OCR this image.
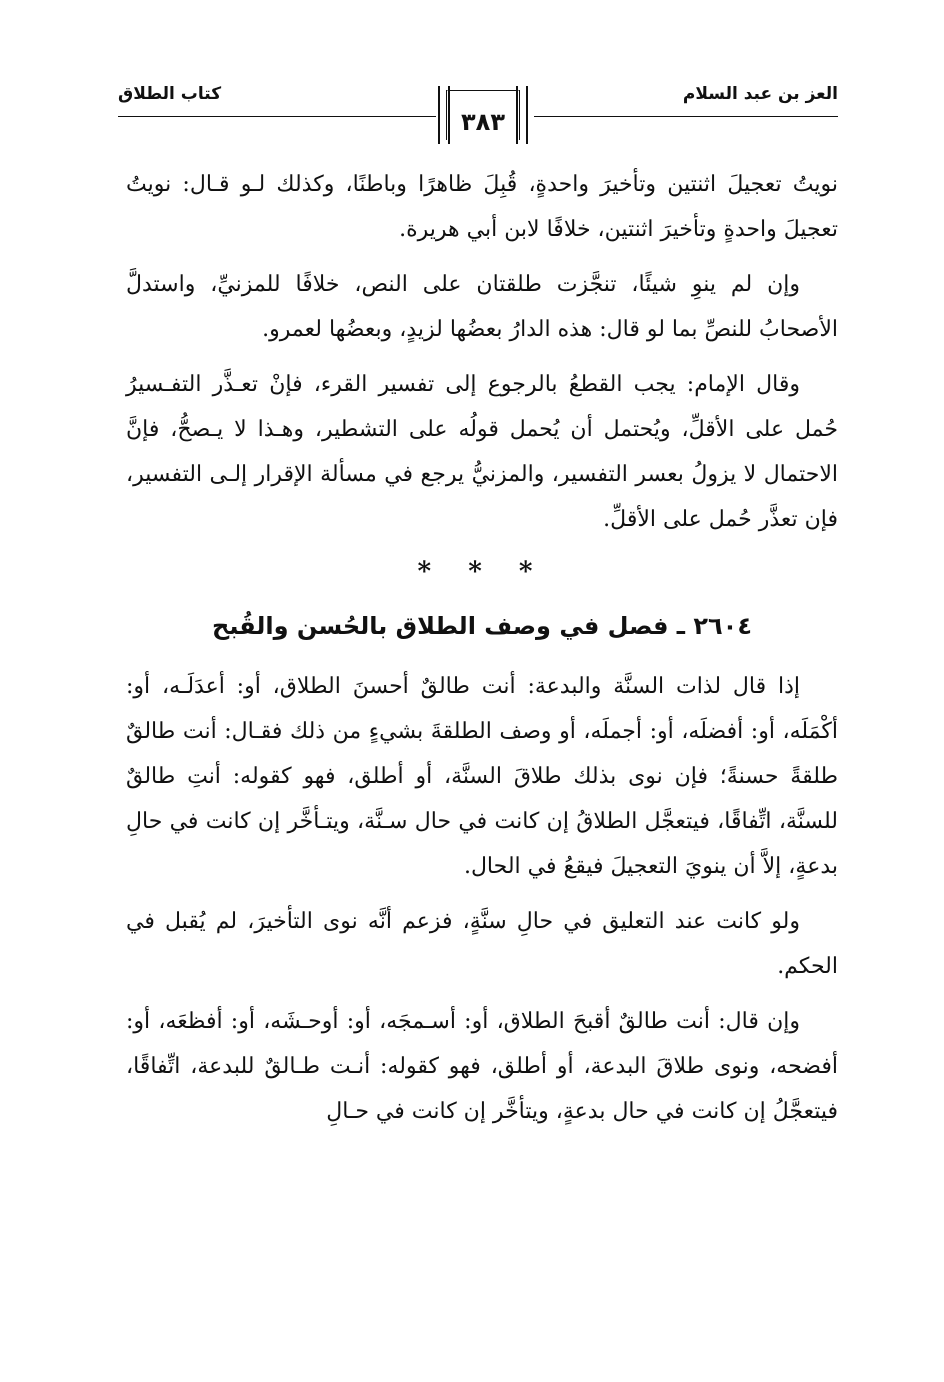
العز بن عبد السلام
٣٨٣
كتاب الطلاق

نويتُ تعجيلَ اثنتين وتأخيرَ واحدةٍ، قُبِلَ ظاهرًا وباطنًا، وكذلك لـو قـال: نويتُ تعجيلَ واحدةٍ وتأخيرَ اثنتين، خلافًا لابن أبي هريرة.

وإن لم ينوِ شيئًا، تنجَّزت طلقتان على النص، خلافًا للمزنيِّ، واستدلَّ الأصحابُ للنصِّ بما لو قال: هذه الدارُ بعضُها لزيدٍ، وبعضُها لعمرو.

وقال الإمام: يجب القطعُ بالرجوع إلى تفسير القرء، فإنْ تعـذَّر التفـسيرُ حُمل على الأقلِّ، ويُحتمل أن يُحمل قولُه على التشطير، وهـذا لا يـصحُّ، فإنَّ الاحتمال لا يزولُ بعسر التفسير، والمزنيُّ يرجع في مسألة الإقرار إلـى التفسير، فإن تعذَّر حُمل على الأقلِّ.

* * *
٢٦٠٤ ـ فصل في وصف الطلاق بالحُسن والقُبح

إذا قال لذات السنَّة والبدعة: أنت طالقٌ أحسنَ الطلاق، أو: أعدَلَـه، أو: أكْمَلَه، أو: أفضلَه، أو: أجملَه، أو وصف الطلقةَ بشيءٍ من ذلك فقـال: أنت طالقٌ طلقةً حسنةً؛ فإن نوى بذلك طلاقَ السنَّة، أو أطلق، فهو كقوله: أنتِ طالقٌ للسنَّة، اتِّفاقًا، فيتعجَّل الطلاقُ إن كانت في حال سـنَّة، ويتـأخَّر إن كانت في حالِ بدعةٍ، إلاَّ أن ينويَ التعجيلَ فيقعُ في الحال.

ولو كانت عند التعليق في حالِ سنَّةٍ، فزعم أنَّه نوى التأخيرَ، لم يُقبل في الحكم.

وإن قال: أنت طالقٌ أقبحَ الطلاق، أو: أسـمجَه، أو: أوحـشَه، أو: أفظعَه، أو: أفضحه، ونوى طلاقَ البدعة، أو أطلق، فهو كقوله: أنـت طـالقٌ للبدعة، اتِّفاقًا، فيتعجَّلُ إن كانت في حال بدعةٍ، ويتأخَّر إن كانت في حـالِ
